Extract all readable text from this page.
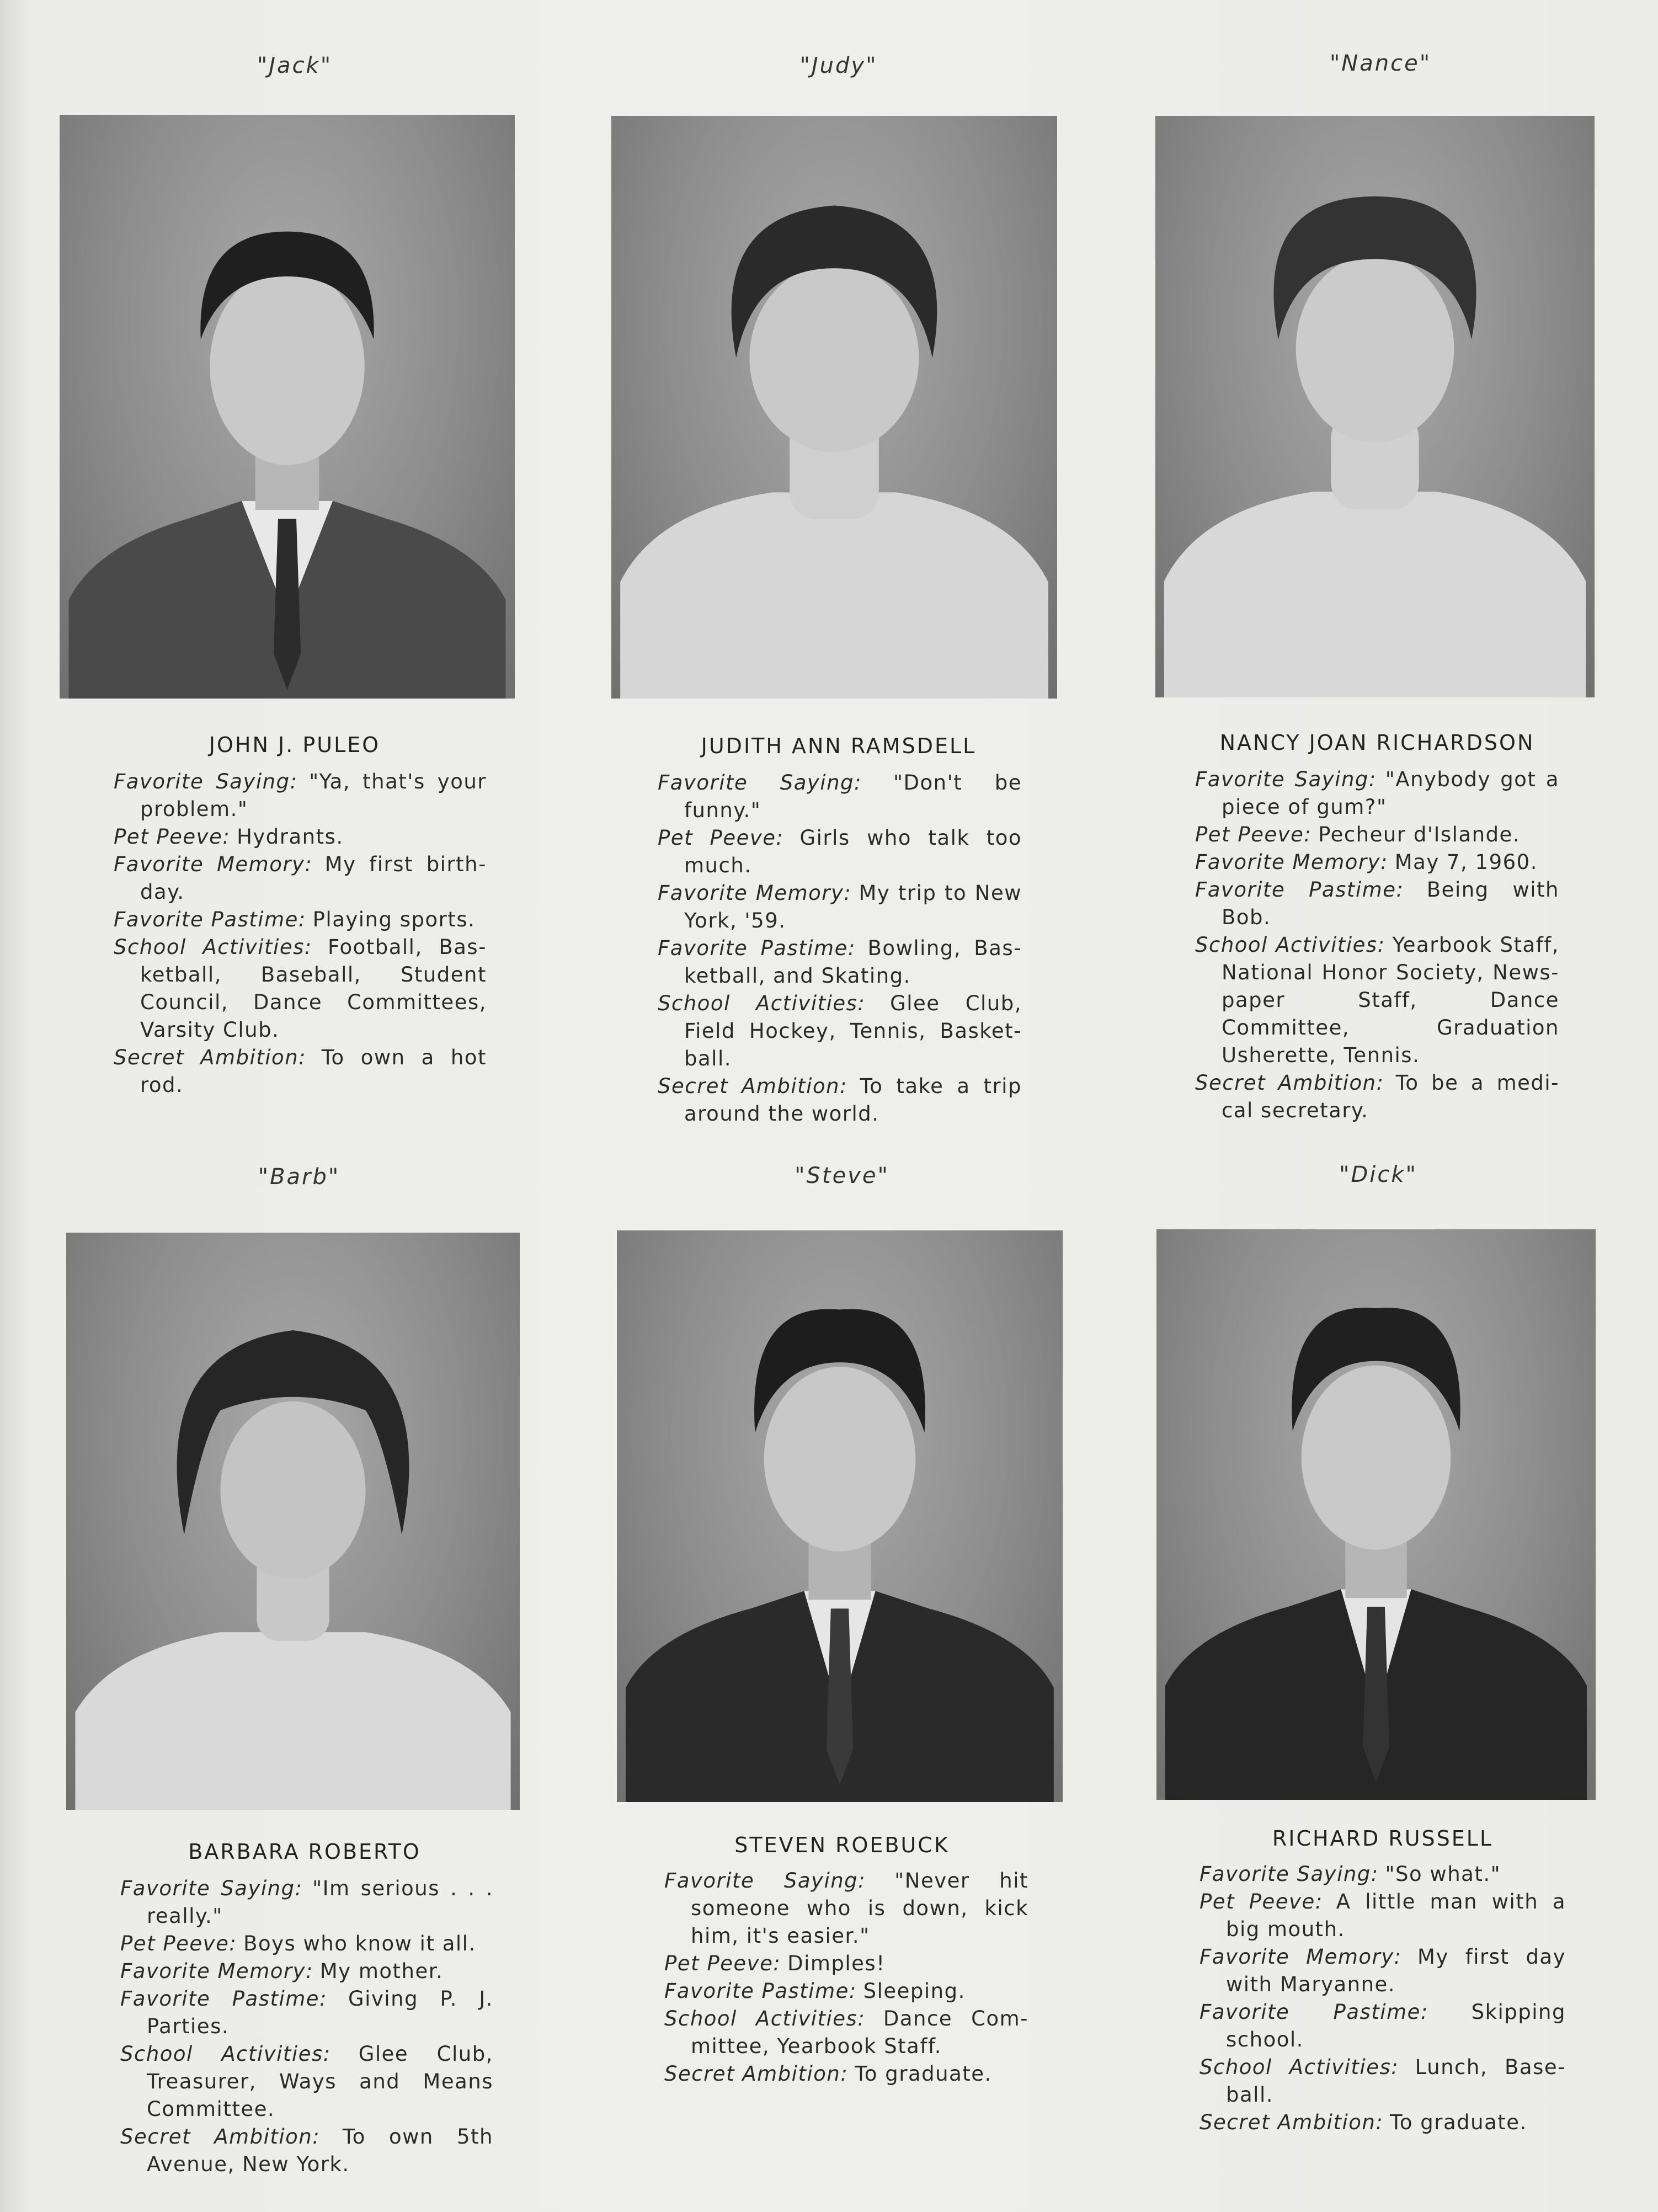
"Jack"
JOHN J. PULEO

Favorite Saying: "Ya, that's your problem."

Pet Peeve: Hydrants.

Favorite Memory: My first birth-day.

Favorite Pastime: Playing sports.

School Activities: Football, Bas-ketball, Baseball, Student Council, Dance Committees, Varsity Club.

Secret Ambition: To own a hot rod.

"Judy"
JUDITH ANN RAMSDELL

Favorite Saying: "Don't be funny."

Pet Peeve: Girls who talk too much.

Favorite Memory: My trip to New York, '59.

Favorite Pastime: Bowling, Bas-ketball, and Skating.

School Activities: Glee Club, Field Hockey, Tennis, Basket-ball.

Secret Ambition: To take a trip around the world.

"Nance"
NANCY JOAN RICHARDSON

Favorite Saying: "Anybody got a piece of gum?"

Pet Peeve: Pecheur d'Islande.

Favorite Memory: May 7, 1960.

Favorite Pastime: Being with Bob.

School Activities: Yearbook Staff, National Honor Society, News-paper Staff, Dance Committee, Graduation Usherette, Tennis.

Secret Ambition: To be a medi-cal secretary.

"Barb"
BARBARA ROBERTO

Favorite Saying: "Im serious . . . really."

Pet Peeve: Boys who know it all.

Favorite Memory: My mother.

Favorite Pastime: Giving P. J. Parties.

School Activities: Glee Club, Treasurer, Ways and Means Committee.

Secret Ambition: To own 5th Avenue, New York.

"Steve"
STEVEN ROEBUCK

Favorite Saying: "Never hit someone who is down, kick him, it's easier."

Pet Peeve: Dimples!

Favorite Pastime: Sleeping.

School Activities: Dance Com-mittee, Yearbook Staff.

Secret Ambition: To graduate.

"Dick"
RICHARD RUSSELL

Favorite Saying: "So what."

Pet Peeve: A little man with a big mouth.

Favorite Memory: My first day with Maryanne.

Favorite Pastime: Skipping school.

School Activities: Lunch, Base-ball.

Secret Ambition: To graduate.
